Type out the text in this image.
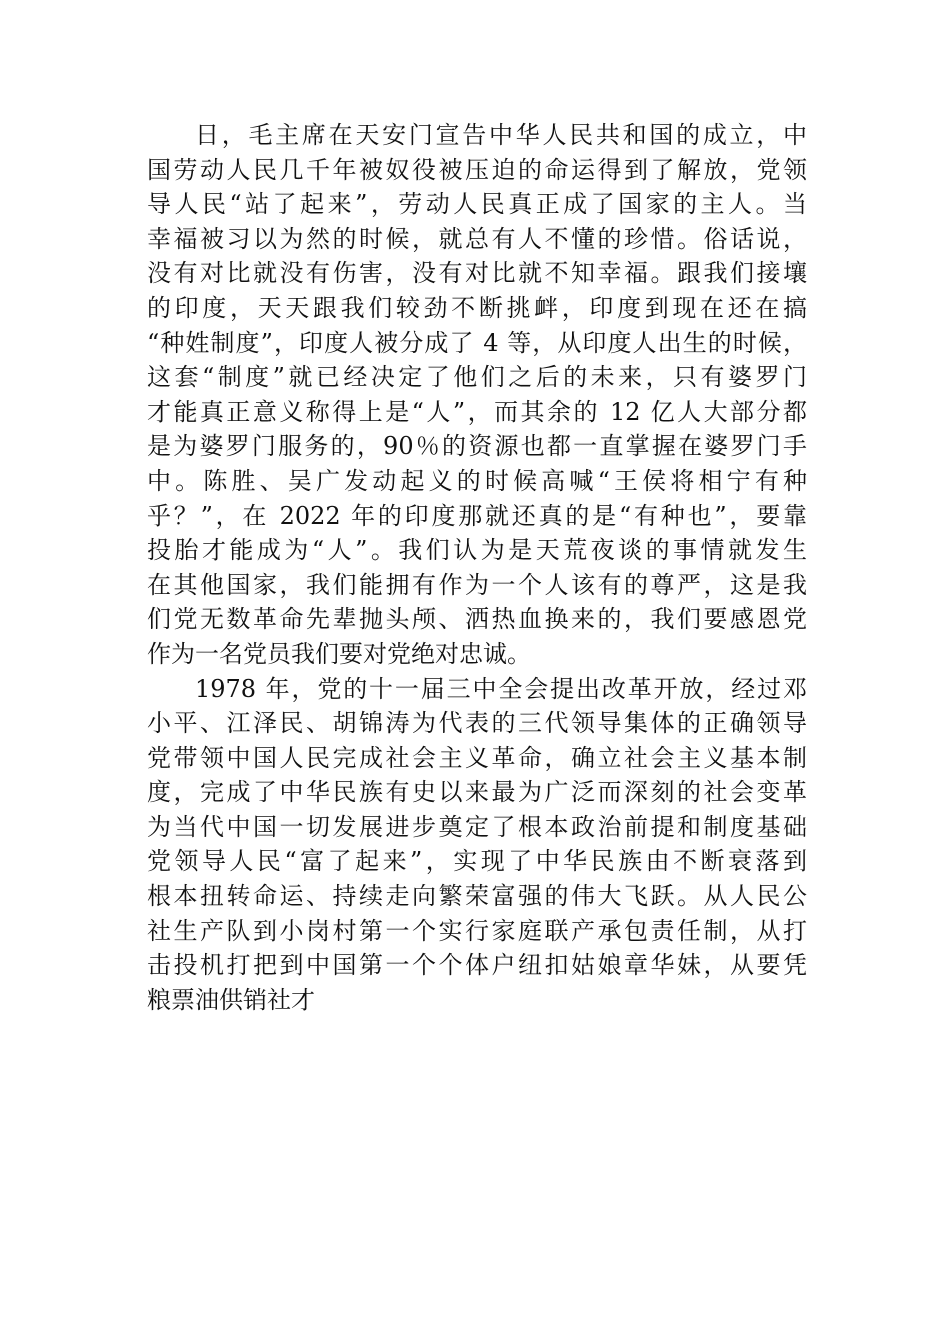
日，毛主席在天安门宣告中华人民共和国的成立，中
国劳动人民几千年被奴役被压迫的命运得到了解放，党领
导人民“站了起来”，劳动人民真正成了国家的主人。当
幸福被习以为然的时候，就总有人不懂的珍惜。俗话说，
没有对比就没有伤害，没有对比就不知幸福。跟我们接壤
的印度，天天跟我们较劲不断挑衅，印度到现在还在搞
“种姓制度”，印度人被分成了 4 等，从印度人出生的时候，
这套“制度”就已经决定了他们之后的未来，只有婆罗门
才能真正意义称得上是“人”，而其余的 12 亿人大部分都
是为婆罗门服务的，90％的资源也都一直掌握在婆罗门手
中。陈胜、吴广发动起义的时候高喊“王侯将相宁有种
乎？”，在 2022 年的印度那就还真的是“有种也”，要靠
投胎才能成为“人”。我们认为是天荒夜谈的事情就发生
在其他国家，我们能拥有作为一个人该有的尊严，这是我
们党无数革命先辈抛头颅、洒热血换来的，我们要感恩党
作为一名党员我们要对党绝对忠诚。
1978 年，党的十一届三中全会提出改革开放，经过邓
小平、江泽民、胡锦涛为代表的三代领导集体的正确领导
党带领中国人民完成社会主义革命，确立社会主义基本制
度，完成了中华民族有史以来最为广泛而深刻的社会变革
为当代中国一切发展进步奠定了根本政治前提和制度基础
党领导人民“富了起来”，实现了中华民族由不断衰落到
根本扭转命运、持续走向繁荣富强的伟大飞跃。从人民公
社生产队到小岗村第一个实行家庭联产承包责任制，从打
击投机打把到中国第一个个体户纽扣姑娘章华妹，从要凭
粮票油供销社才
